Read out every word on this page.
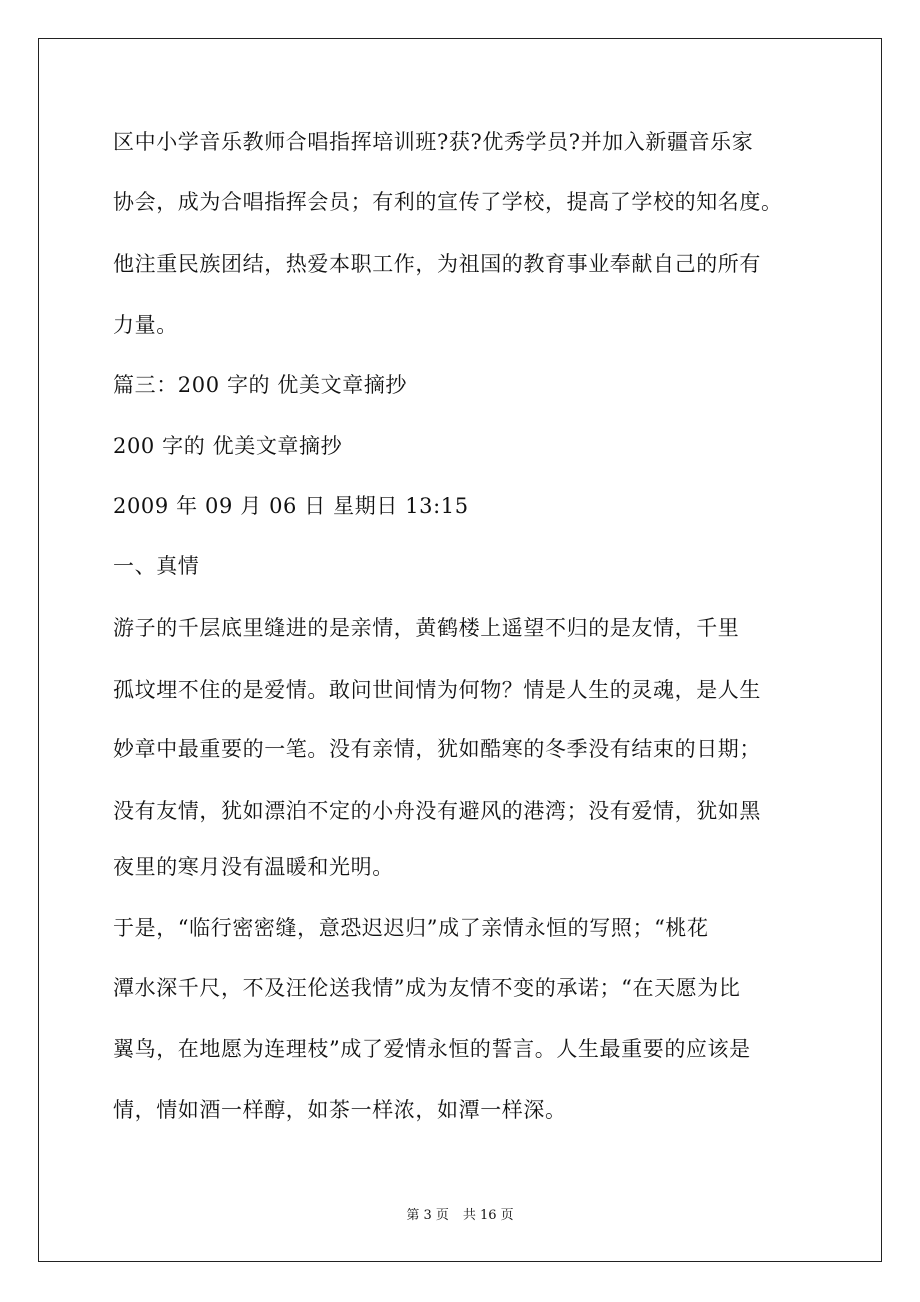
区中小学音乐教师合唱指挥培训班?获?优秀学员?并加入新疆音乐家
协会，成为合唱指挥会员；有利的宣传了学校，提高了学校的知名度。
他注重民族团结，热爱本职工作，为祖国的教育事业奉献自己的所有
力量。
篇三：200 字的 优美文章摘抄
200 字的 优美文章摘抄
2009 年 09 月 06 日 星期日 13:15
一、真情
游子的千层底里缝进的是亲情，黄鹤楼上遥望不归的是友情，千里
孤坟埋不住的是爱情。敢问世间情为何物？情是人生的灵魂，是人生
妙章中最重要的一笔。没有亲情，犹如酷寒的冬季没有结束的日期；
没有友情，犹如漂泊不定的小舟没有避风的港湾；没有爱情，犹如黑
夜里的寒月没有温暖和光明。
于是，“临行密密缝，意恐迟迟归”成了亲情永恒的写照；“桃花
潭水深千尺，不及汪伦送我情”成为友情不变的承诺；“在天愿为比
翼鸟，在地愿为连理枝”成了爱情永恒的誓言。人生最重要的应该是
情，情如酒一样醇，如茶一样浓，如潭一样深。
第 3 页 共 16 页
